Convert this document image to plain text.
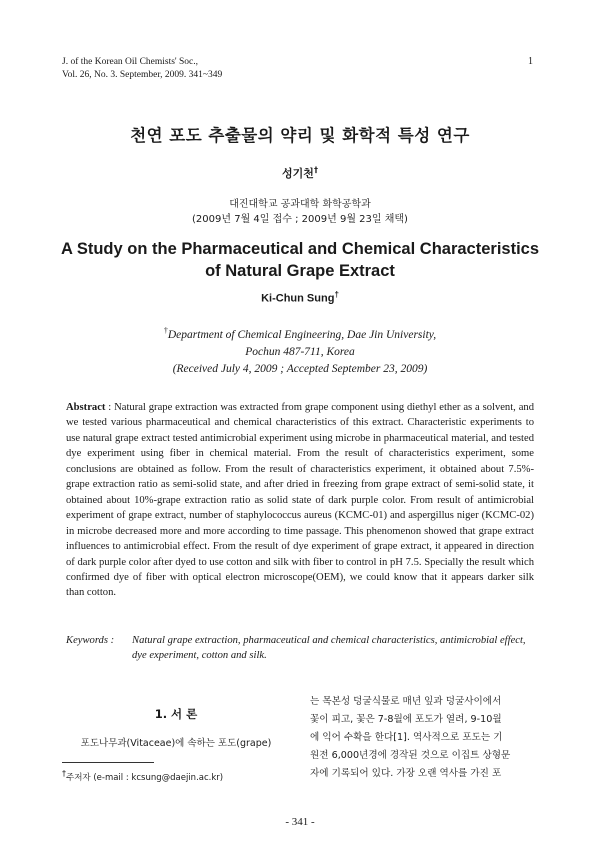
J. of the Korean Oil Chemists' Soc.,
Vol. 26, No. 3. September, 2009. 341~349
1
천연 포도 추출물의 약리 및 화학적 특성 연구
성기천†
대진대학교 공과대학 화학공학과
(2009년 7월 4일 접수 ; 2009년 9월 23일 채택)
A Study on the Pharmaceutical and Chemical Characteristics
of Natural Grape Extract
Ki-Chun Sung†
†Department of Chemical Engineering, Dae Jin University,
Pochun 487-711, Korea
(Received July 4, 2009 ; Accepted September 23, 2009)
Abstract : Natural grape extraction was extracted from grape component using diethyl ether as a solvent, and we tested various pharmaceutical and chemical characteristics of this extract. Characteristic experiments to use natural grape extract tested antimicrobial experiment using microbe in pharmaceutical material, and tested dye experiment using fiber in chemical material. From the result of characteristics experiment, some conclusions are obtained as follow. From the result of characteristics experiment, it obtained about 7.5%-grape extraction ratio as semi-solid state, and after dried in freezing from grape extract of semi-solid state, it obtained about 10%-grape extraction ratio as solid state of dark purple color. From result of antimicrobial experiment of grape extract, number of staphylococcus aureus (KCMC-01) and aspergillus niger (KCMC-02) in microbe decreased more and more according to time passage. This phenomenon showed that grape extract influences to antimicrobial effect. From the result of dye experiment of grape extract, it appeared in direction of dark purple color after dyed to use cotton and silk with fiber to control in pH 7.5. Specially the result which confirmed dye of fiber with optical electron microscope(OEM), we could know that it appears darker silk than cotton.
Keywords : Natural grape extraction, pharmaceutical and chemical characteristics, antimicrobial effect, dye experiment, cotton and silk.
1. 서 론
포도나무과(Vitaceae)에 속하는 포도(grape)
†주저자 (e-mail : kcsung@daejin.ac.kr)
는 목본성 덩굴식물로 매년 잎과 덩굴사이에서
꽃이 피고, 꽃은 7-8월에 포도가 열려, 9-10월
에 익어 수확을 한다[1]. 역사적으로 포도는 기
원전 6,000년경에 경작된 것으로 이집트 상형문
자에 기록되어 있다. 가장 오랜 역사를 가진 포
- 341 -
